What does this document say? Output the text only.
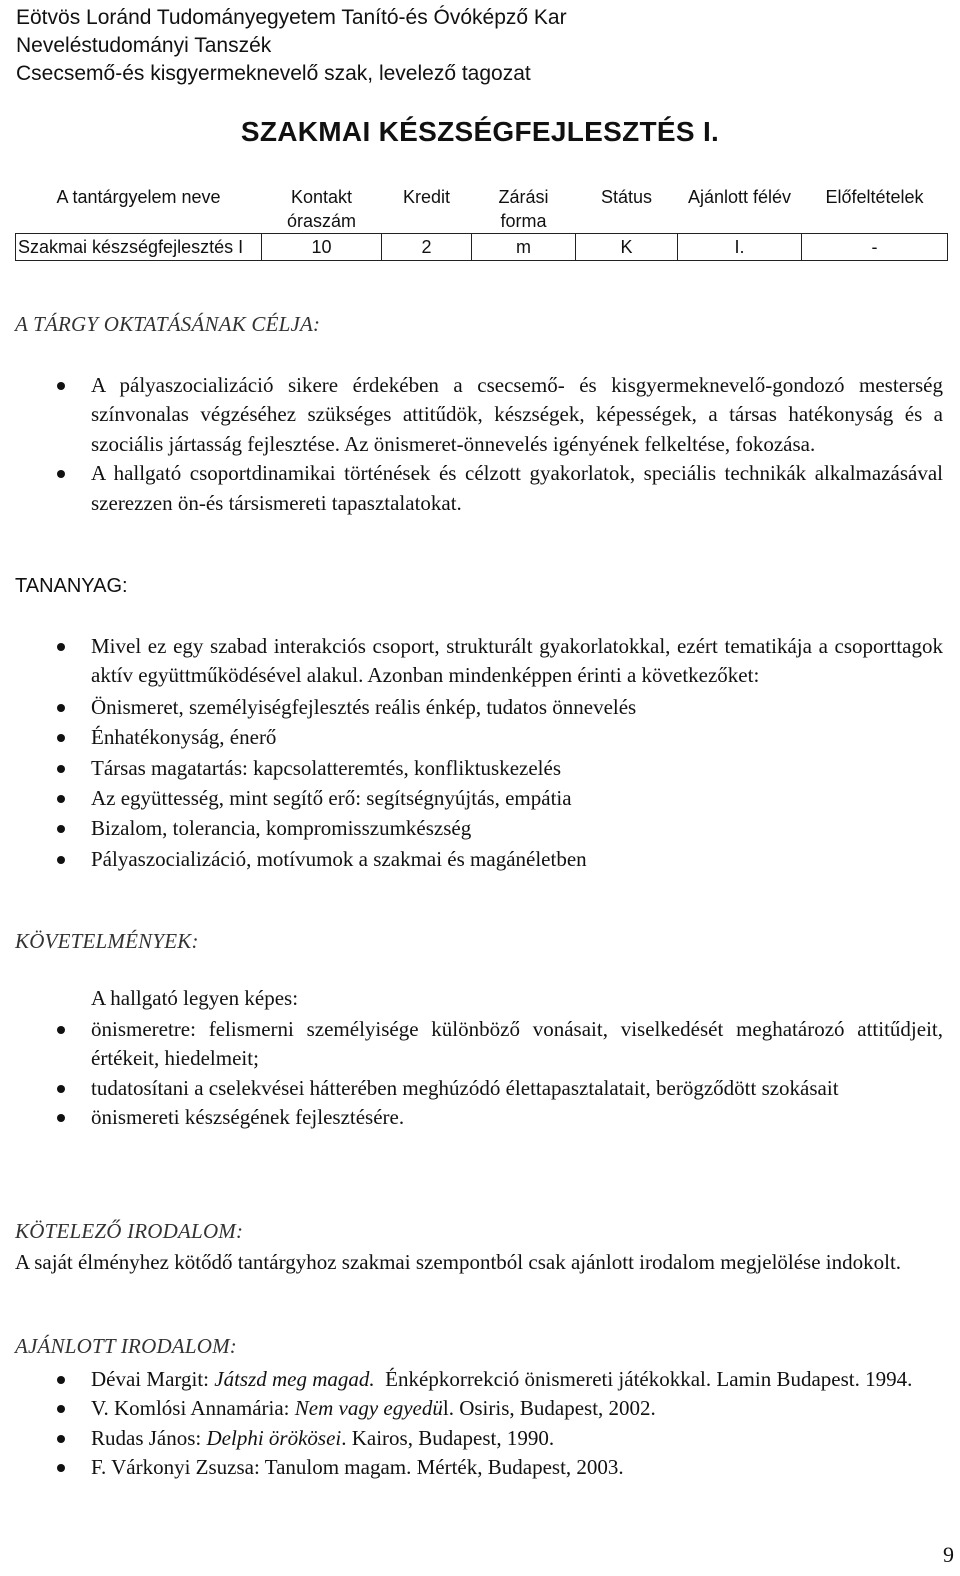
Eötvös Loránd Tudományegyetem Tanító-és Óvóképző Kar
Neveléstudományi Tanszék
Csecsemő-és kisgyermeknevelő szak, levelező tagozat
SZAKMAI KÉSZSÉGFEJLESZTÉS I.
A tantárgyelem neve	Kontakt óraszám	Kredit	Zárási forma	Státus	Ajánlott félév	Előfeltételek
Szakmai készségfejlesztés I	10	2	m	K	I.	-
A TÁRGY OKTATÁSÁNAK CÉLJA:
A pályaszocializáció sikere érdekében a csecsemő- és kisgyermeknevelő-gondozó mesterség színvonalas végzéséhez szükséges attitűdök, készségek, képességek, a társas hatékonyság és a szociális jártasság fejlesztése. Az önismeret-önnevelés igényének felkeltése, fokozása.
A hallgató csoportdinamikai történések és célzott gyakorlatok, speciális technikák alkalmazásával szerezzen ön-és társismereti tapasztalatokat.
TANANYAG:
Mivel ez egy szabad interakciós csoport, strukturált gyakorlatokkal, ezért tematikája a csoporttagok aktív együttműködésével alakul. Azonban mindenképpen érinti a következőket:
Önismeret, személyiségfejlesztés reális énkép, tudatos önnevelés
Énhatékonyság, énerő
Társas magatartás: kapcsolatteremtés, konfliktuskezelés
Az együttesség, mint segítő erő: segítségnyújtás, empátia
Bizalom, tolerancia, kompromisszumkészség
Pályaszocializáció, motívumok a szakmai és magánéletben
KÖVETELMÉNYEK:
A hallgató legyen képes:
önismeretre: felismerni személyisége különböző vonásait, viselkedését meghatározó attitűdjeit, értékeit, hiedelmeit;
tudatosítani a cselekvései hátterében meghúzódó élettapasztalatait, berögződött szokásait
önismereti készségének fejlesztésére.
KÖTELEZŐ IRODALOM:
A saját élményhez kötődő tantárgyhoz szakmai szempontból csak ajánlott irodalom megjelölése indokolt.
AJÁNLOTT IRODALOM:
Dévai Margit: Játszd meg magad.  Énképkorrekció önismereti játékokkal. Lamin Budapest. 1994.
V. Komlósi Annamária: Nem vagy egyedül. Osiris, Budapest, 2002.
Rudas János: Delphi örökösei. Kairos, Budapest, 1990.
F. Várkonyi Zsuzsa: Tanulom magam. Mérték, Budapest, 2003.
9
